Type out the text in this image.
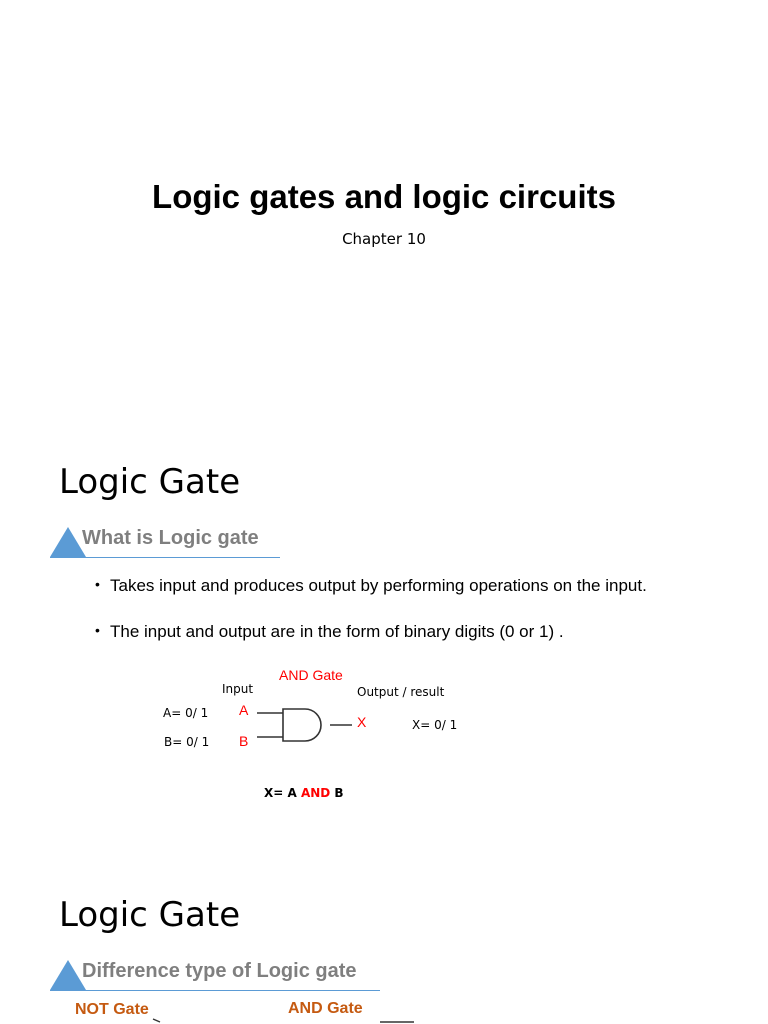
Logic gates and logic circuits
Chapter 10
Logic Gate
What is Logic gate
• Takes input and produces output by performing operations on the input.
• The input and output are in the form of binary digits (0 or 1) .
AND Gate
Input	Output / result
A= 0/ 1
B= 0/ 1
A
B
X	X= 0/ 1
X= A AND B
Logic Gate
Difference type of Logic gate
NOT Gate	AND Gate
